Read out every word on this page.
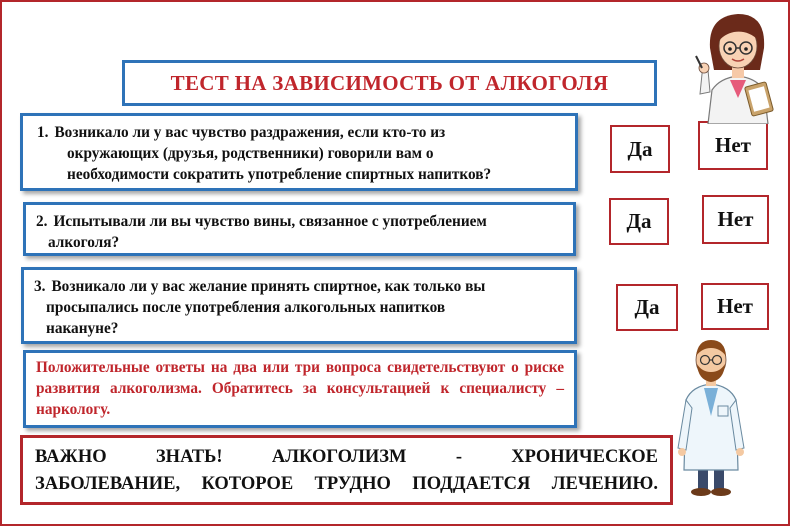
ТЕСТ НА ЗАВИСИМОСТЬ ОТ АЛКОГОЛЯ
1. Возникало ли у вас чувство раздражения, если кто-то из
окружающих (друзья, родственники) говорили вам о
необходимости сократить употребление спиртных напитков?
2. Испытывали ли вы чувство вины, связанное с употреблением
алкоголя?
3. Возникало ли у вас желание принять спиртное, как только вы
просыпались после употребления алкогольных напитков
накануне?
Да	Нет
Да	Нет
Да	Нет
Положительные ответы на два или три вопроса свидетельствуют о риске развития алкоголизма. Обратитесь за консультацией к специалисту – наркологу.
ВАЖНО ЗНАТЬ! АЛКОГОЛИЗМ - ХРОНИЧЕСКОЕ
ЗАБОЛЕВАНИЕ, КОТОРОЕ ТРУДНО ПОДДАЕТСЯ ЛЕЧЕНИЮ.
